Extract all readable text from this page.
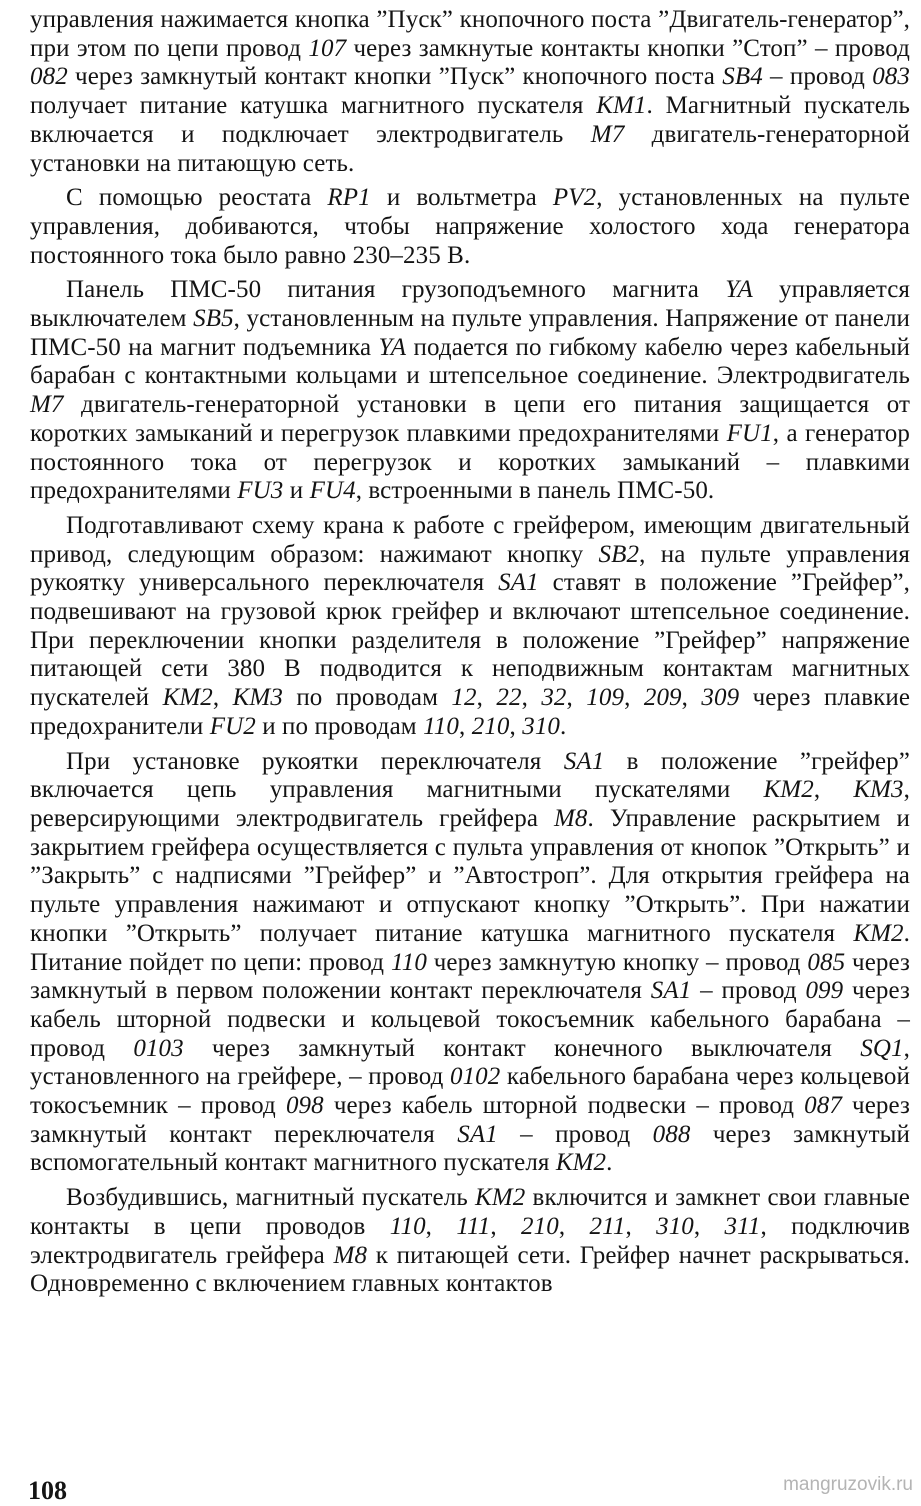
управления нажимается кнопка ”Пуск” кнопочного поста ”Двигатель-генератор”, при этом по цепи провод 107 через замкнутые контакты кнопки ”Стоп” – провод 082 через замкнутый контакт кнопки ”Пуск” кнопочного поста SB4 – провод 083 получает питание катушка магнитного пускателя KM1. Магнитный пускатель включается и подключает электродвигатель M7 двигатель-генераторной установки на питающую сеть.

С помощью реостата RP1 и вольтметра PV2, установленных на пульте управления, добиваются, чтобы напряжение холостого хода генератора постоянного тока было равно 230–235 В.

Панель ПМС-50 питания грузоподъемного магнита YA управляется выключателем SB5, установленным на пульте управления. Напряжение от панели ПМС-50 на магнит подъемника YA подается по гибкому кабелю через кабельный барабан с контактными кольцами и штепсельное соединение. Электродвигатель M7 двигатель-генераторной установки в цепи его питания защищается от коротких замыканий и перегрузок плавкими предохранителями FU1, а генератор постоянного тока от перегрузок и коротких замыканий – плавкими предохранителями FU3 и FU4, встроенными в панель ПМС-50.

Подготавливают схему крана к работе с грейфером, имеющим двигательный привод, следующим образом: нажимают кнопку SB2, на пульте управления рукоятку универсального переключателя SA1 ставят в положение ”Грейфер”, подвешивают на грузовой крюк грейфер и включают штепсельное соединение. При переключении кнопки разделителя в положение ”Грейфер” напряжение питающей сети 380 В подводится к неподвижным контактам магнитных пускателей KM2, KM3 по проводам 12, 22, 32, 109, 209, 309 через плавкие предохранители FU2 и по проводам 110, 210, 310.

При установке рукоятки переключателя SA1 в положение ”грейфер” включается цепь управления магнитными пускателями KM2, KM3, реверсирующими электродвигатель грейфера M8. Управление раскрытием и закрытием грейфера осуществляется с пульта управления от кнопок ”Открыть” и ”Закрыть” с надписями ”Грейфер” и ”Автостроп”. Для открытия грейфера на пульте управления нажимают и отпускают кнопку ”Открыть”. При нажатии кнопки ”Открыть” получает питание катушка магнитного пускателя KM2. Питание пойдет по цепи: провод 110 через замкнутую кнопку – провод 085 через замкнутый в первом положении контакт переключателя SA1 – провод 099 через кабель шторной подвески и кольцевой токосъемник кабельного барабана – провод 0103 через замкнутый контакт конечного выключателя SQ1, установленного на грейфере, – провод 0102 кабельного барабана через кольцевой токосъемник – провод 098 через кабель шторной подвески – провод 087 через замкнутый контакт переключателя SA1 – провод 088 через замкнутый вспомогательный контакт магнитного пускателя KM2.

Возбудившись, магнитный пускатель KM2 включится и замкнет свои главные контакты в цепи проводов 110, 111, 210, 211, 310, 311, подключив электродвигатель грейфера M8 к питающей сети. Грейфер начнет раскрываться. Одновременно с включением главных контактов

108	mangruzovik.ru
